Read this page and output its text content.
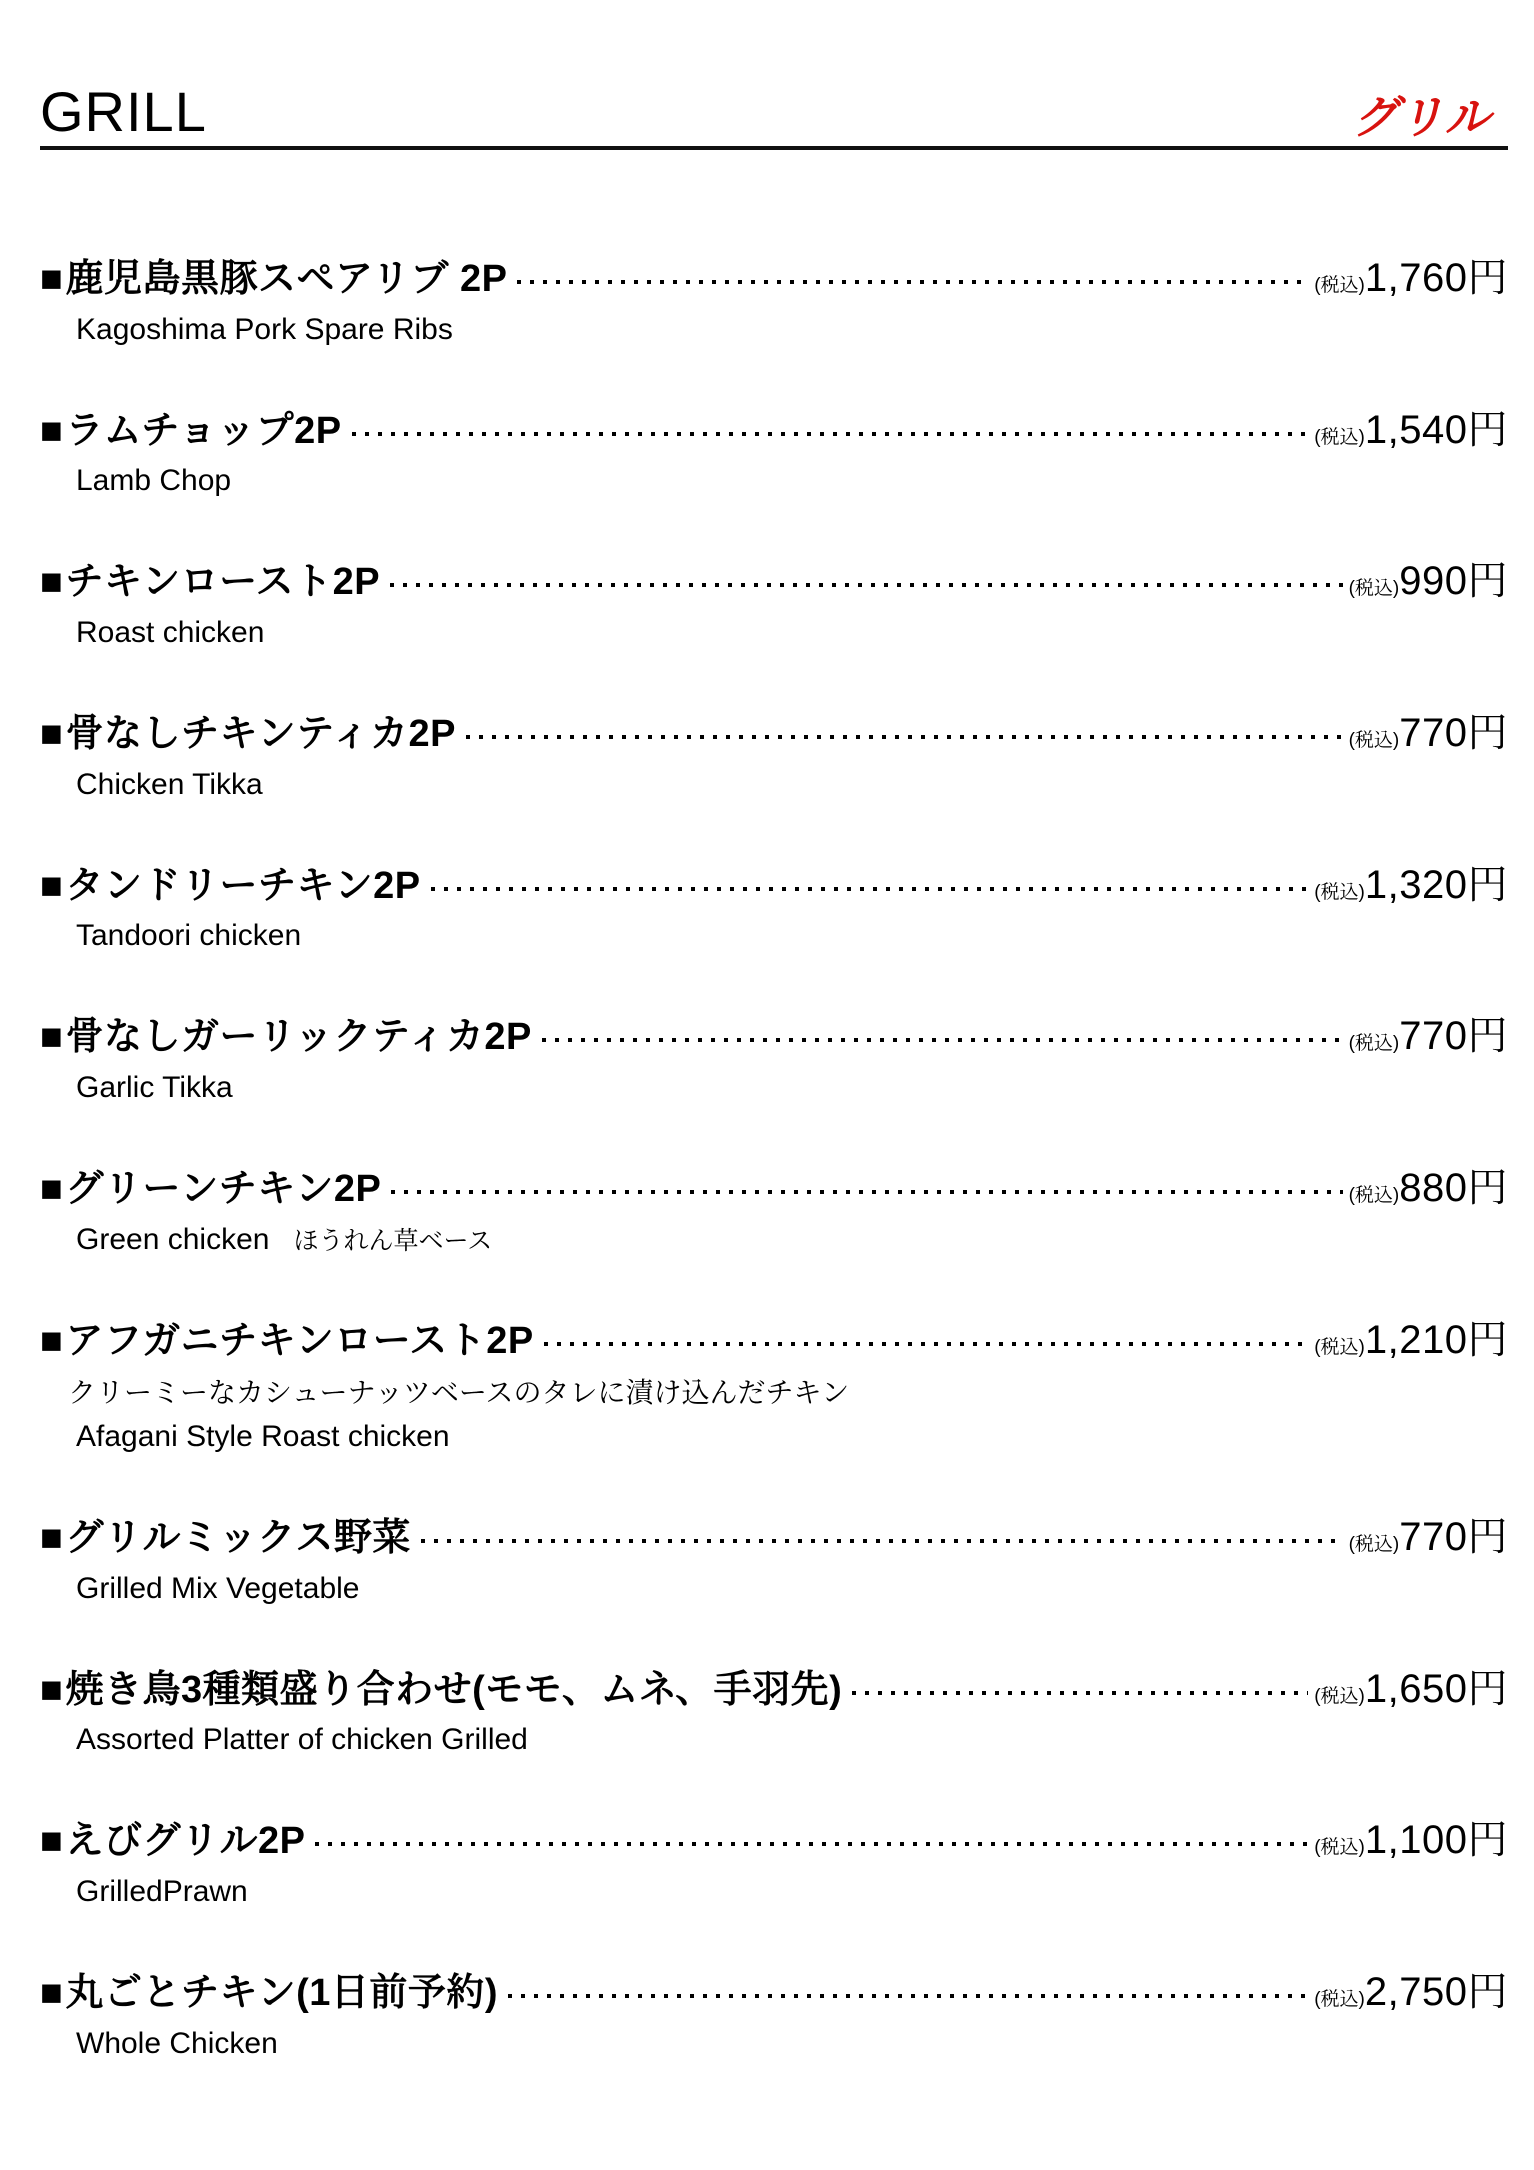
GRILL	グリル
■鹿児島黒豚スペアリブ 2P	(税込) 1,760円
Kagoshima Pork Spare Ribs
■ラムチョップ2P	(税込) 1,540円
Lamb Chop
■チキンロースト2P	(税込) 990円
Roast chicken
■骨なしチキンティカ2P	(税込) 770円
Chicken Tikka
■タンドリーチキン2P	(税込) 1,320円
Tandoori chicken
■骨なしガーリックティカ2P	(税込) 770円
Garlic Tikka
■グリーンチキン2P	(税込) 880円
Green chicken ほうれん草ベース
■アフガニチキンロースト2P	(税込) 1,210円
クリーミーなカシューナッツベースのタレに漬け込んだチキン
Afagani Style Roast chicken
■グリルミックス野菜	(税込) 770円
Grilled Mix Vegetable
■焼き鳥3種類盛り合わせ(モモ、ムネ、手羽先)	(税込) 1,650円
Assorted Platter of chicken Grilled
■えびグリル2P	(税込) 1,100円
GrilledPrawn
■丸ごとチキン(1日前予約)	(税込) 2,750円
Whole Chicken
